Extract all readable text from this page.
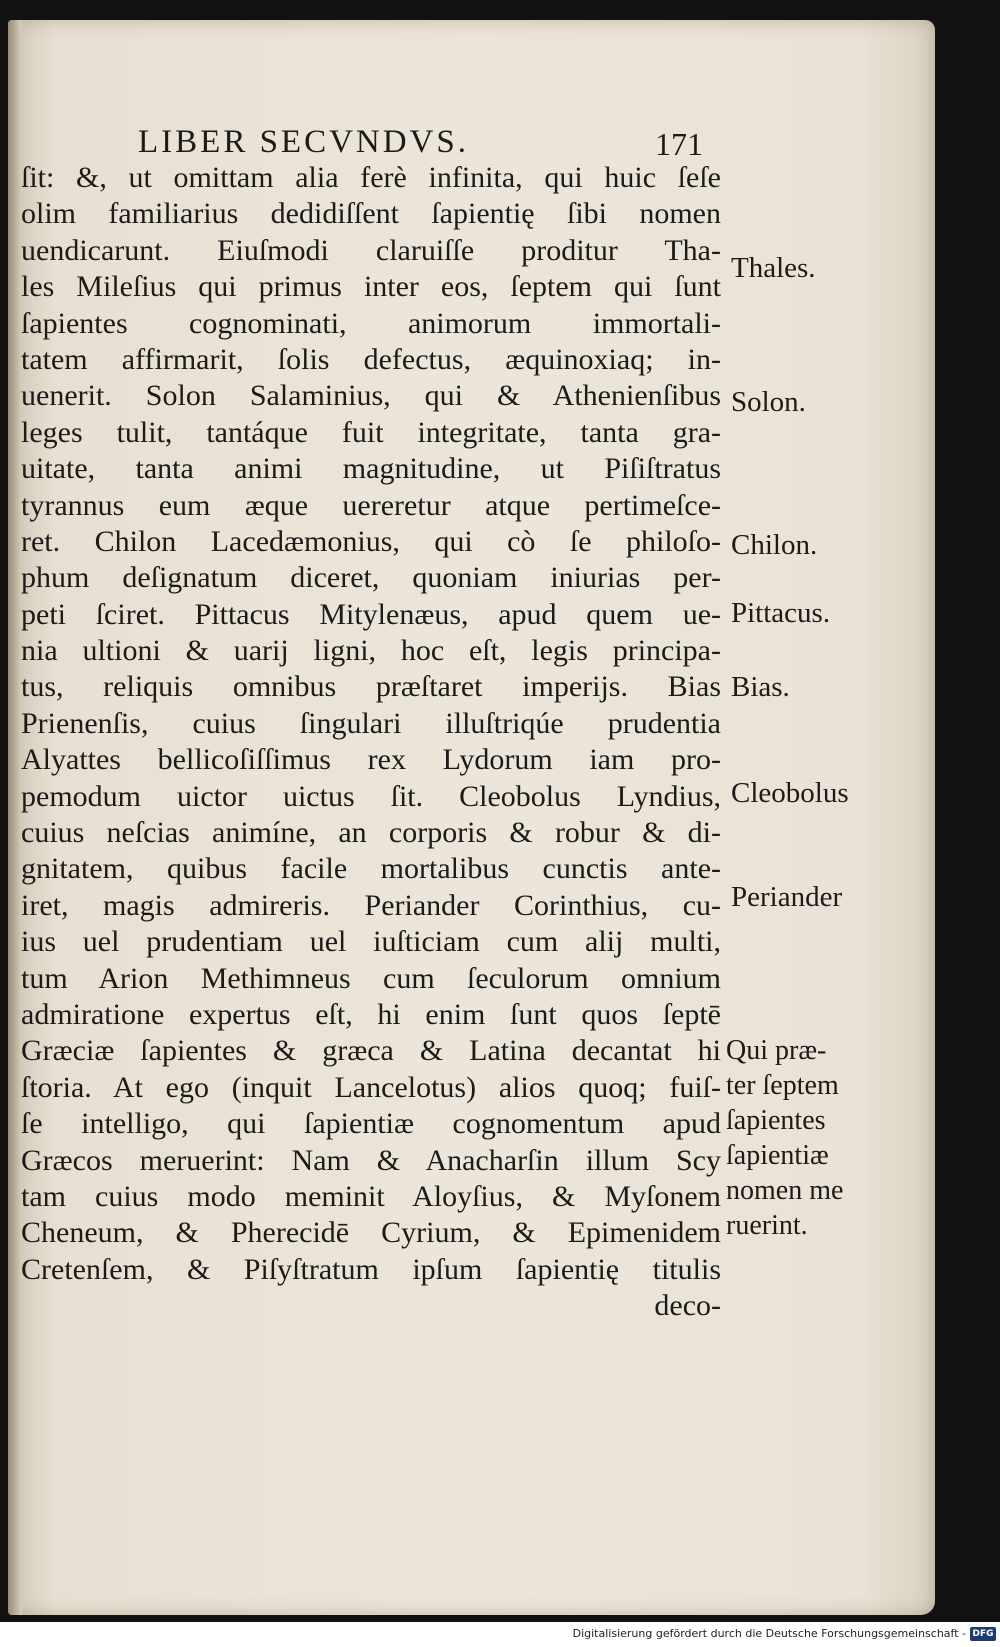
LIBER SECVNDVS.	171
ſit: &, ut omittam alia ferè infinita, qui huic ſeſe
olim familiarius dedidiſſent ſapientię ſibi nomen
uendicarunt. Eiuſmodi claruiſſe proditur Tha-
les Mileſius qui primus inter eos, ſeptem qui ſunt
ſapientes cognominati, animorum immortali-
tatem affirmarit, ſolis defectus, æquinoxiaq; in-
uenerit. Solon Salaminius, qui & Athenienſibus
leges tulit, tantáque fuit integritate, tanta gra-
uitate, tanta animi magnitudine, ut Piſiſtratus
tyrannus eum æque uereretur atque pertimeſce-
ret. Chilon Lacedæmonius, qui cò ſe philoſo-
phum deſignatum diceret, quoniam iniurias per-
peti ſciret. Pittacus Mitylenæus, apud quem ue-
nia ultioni & uarij ligni, hoc eſt, legis principa-
tus, reliquis omnibus præſtaret imperijs. Bias
Prienenſis, cuius ſingulari illuſtriqúe prudentia
Alyattes bellicoſiſſimus rex Lydorum iam pro-
pemodum uictor uictus ſit. Cleobolus Lyndius,
cuius neſcias animíne, an corporis & robur & di-
gnitatem, quibus facile mortalibus cunctis ante-
iret, magis admireris. Periander Corinthius, cu-
ius uel prudentiam uel iuſticiam cum alij multi,
tum Arion Methimneus cum ſeculorum omnium
admiratione expertus eſt, hi enim ſunt quos ſeptē
Græciæ ſapientes & græca & Latina decantat hi
ſtoria. At ego (inquit Lancelotus) alios quoq; fuiſ-
ſe intelligo, qui ſapientiæ cognomentum apud
Græcos meruerint: Nam & Anacharſin illum Scy
tam cuius modo meminit Aloyſius, & Myſonem
Cheneum, & Pherecidē Cyrium, & Epimenidem
Cretenſem, & Piſyſtratum ipſum ſapientię titulis
deco-
Thales.
Solon.
Chilon.
Pittacus.
Bias.
Cleobolus
Periander
Qui præ-
ter ſeptem
ſapientes
ſapientiæ
nomen me
ruerint.
Digitalisierung gefördert durch die Deutsche Forschungsgemeinschaft - DFG
